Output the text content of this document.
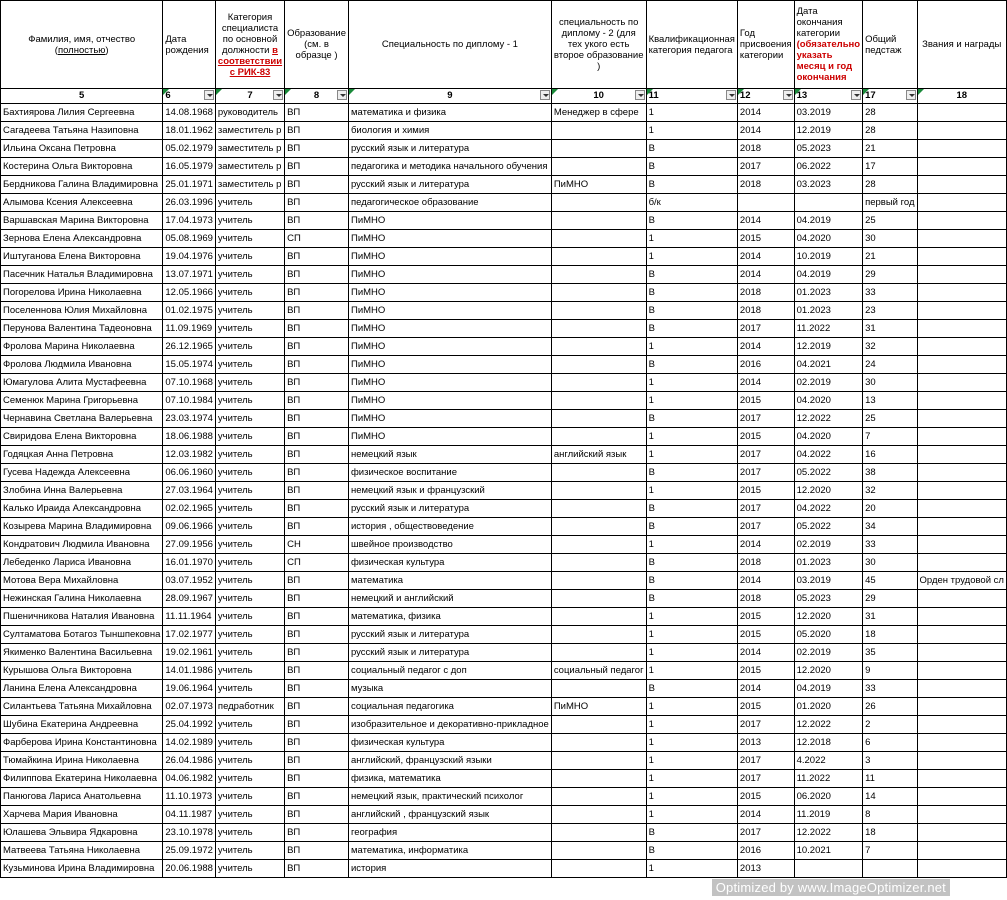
Фамилия, имя, отчество (полностью)	Дата рождения	Категория специалиста по основной должности в соответствии с РИК-83	Образование (см. в образце )	Специальность по диплому - 1	специальность по диплому - 2 (для тех укого есть второе образование )	Квалификационная категория педагога	Год присвоения категории	Дата окончания категории (обязательно указать месяц и год окончания	Общий педстаж	Звания и награды
5	6	7	8	9	10	11	12	13	17	18
Бахтиярова Лилия Сергеевна	14.08.1968	руководитель	ВП	математика и физика	Менеджер в сфере	1	2014	03.2019	28	
Сагадеева Татьяна Назиповна	18.01.1962	заместитель р	ВП	биология и химия		1	2014	12.2019	28	
Ильина Оксана Петровна	05.02.1979	заместитель р	ВП	русский язык и литература		В	2018	05.2023	21	
Костерина Ольга Викторовна	16.05.1979	заместитель р	ВП	педагогика и методика начального обучения		В	2017	06.2022	17	
Бердникова Галина Владимировна	25.01.1971	заместитель р	ВП	русский язык и литература	ПиМНО	В	2018	03.2023	28	
Алымова Ксения Алексеевна	26.03.1996	учитель	ВП	педагогическое образование		б/к			первый год	
Варшавская Марина Викторовна	17.04.1973	учитель	ВП	ПиМНО		В	2014	04.2019	25	
Зернова Елена Александровна	05.08.1969	учитель	СП	ПиМНО		1	2015	04.2020	30	
Иштуганова Елена Викторовна	19.04.1976	учитель	ВП	ПиМНО		1	2014	10.2019	21	
Пасечник Наталья Владимировна	13.07.1971	учитель	ВП	ПиМНО		В	2014	04.2019	29	
Погорелова Ирина Николаевна	12.05.1966	учитель	ВП	ПиМНО		В	2018	01.2023	33	
Поселеннова Юлия Михайловна	01.02.1975	учитель	ВП	ПиМНО		В	2018	01.2023	23	
Перунова Валентина Тадеоновна	11.09.1969	учитель	ВП	ПиМНО		В	2017	11.2022	31	
Фролова Марина Николаевна	26.12.1965	учитель	ВП	ПиМНО		1	2014	12.2019	32	
Фролова Людмила Ивановна	15.05.1974	учитель	ВП	ПиМНО		В	2016	04.2021	24	
Юмагулова Алита Мустафеевна	07.10.1968	учитель	ВП	ПиМНО		1	2014	02.2019	30	
Семенюк Марина Григорьевна	07.10.1984	учитель	ВП	ПиМНО		1	2015	04.2020	13	
Чернавина Светлана Валерьевна	23.03.1974	учитель	ВП	ПиМНО		В	2017	12.2022	25	
Свиридова Елена Викторовна	18.06.1988	учитель	ВП	ПиМНО		1	2015	04.2020	7	
Годяцкая Анна Петровна	12.03.1982	учитель	ВП	немецкий язык	английский язык	1	2017	04.2022	16	
Гусева Надежда Алексеевна	06.06.1960	учитель	ВП	физическое воспитание		В	2017	05.2022	38	
Злобина Инна Валерьевна	27.03.1964	учитель	ВП	немецкий язык и французский		1	2015	12.2020	32	
Калько Ираида Александровна	02.02.1965	учитель	ВП	русский язык и литература		В	2017	04.2022	20	
Козырева Марина Владимировна	09.06.1966	учитель	ВП	история , обществоведение		В	2017	05.2022	34	
Кондратович Людмила Ивановна	27.09.1956	учитель	СН	швейное производство		1	2014	02.2019	33	
Лебеденко Лариса Ивановна	16.01.1970	учитель	СП	физическая культура		В	2018	01.2023	30	
Мотова Вера Михайловна	03.07.1952	учитель	ВП	математика		В	2014	03.2019	45	Орден трудовой сл
Нежинская Галина Николаевна	28.09.1967	учитель	ВП	немецкий и английский		В	2018	05.2023	29	
Пшеничникова Наталия Ивановна	11.11.1964	учитель	ВП	математика, физика		1	2015	12.2020	31	
Султаматова Ботагоз Тыншпековна	17.02.1977	учитель	ВП	русский язык и литература		1	2015	05.2020	18	
Якименко Валентина Васильевна	19.02.1961	учитель	ВП	русский язык и литература		1	2014	02.2019	35	
Курышова Ольга Викторовна	14.01.1986	учитель	ВП	социальный педагог с доп	социальный педагог	1	2015	12.2020	9	
Ланина Елена Александровна	19.06.1964	учитель	ВП	музыка		В	2014	04.2019	33	
Силантьева Татьяна Михайловна	02.07.1973	педработник	ВП	социальная педагогика	ПиМНО	1	2015	01.2020	26	
Шубина Екатерина Андреевна	25.04.1992	учитель	ВП	изобразительное и декоративно-прикладное		1	2017	12.2022	2	
Фарберова Ирина Константиновна	14.02.1989	учитель	ВП	физическая культура		1	2013	12.2018	6	
Тюмайкина Ирина Николаевна	26.04.1986	учитель	ВП	английский, французский языки		1	2017	4.2022	3	
Филиппова Екатерина Николаевна	04.06.1982	учитель	ВП	физика, математика		1	2017	11.2022	11	
Панюгова Лариса Анатольевна	11.10.1973	учитель	ВП	немецкий язык, практический психолог		1	2015	06.2020	14	
Харчева Мария Ивановна	04.11.1987	учитель	ВП	английский , французский язык		1	2014	11.2019	8	
Юлашева Эльвира Ядкаровна	23.10.1978	учитель	ВП	география		В	2017	12.2022	18	
Матвеева Татьяна Николаевна	25.09.1972	учитель	ВП	математика, информатика		В	2016	10.2021	7	
Кузьминова Ирина Владимировна	20.06.1988	учитель	ВП	история		1	2013			
Optimized by www.ImageOptimizer.net
